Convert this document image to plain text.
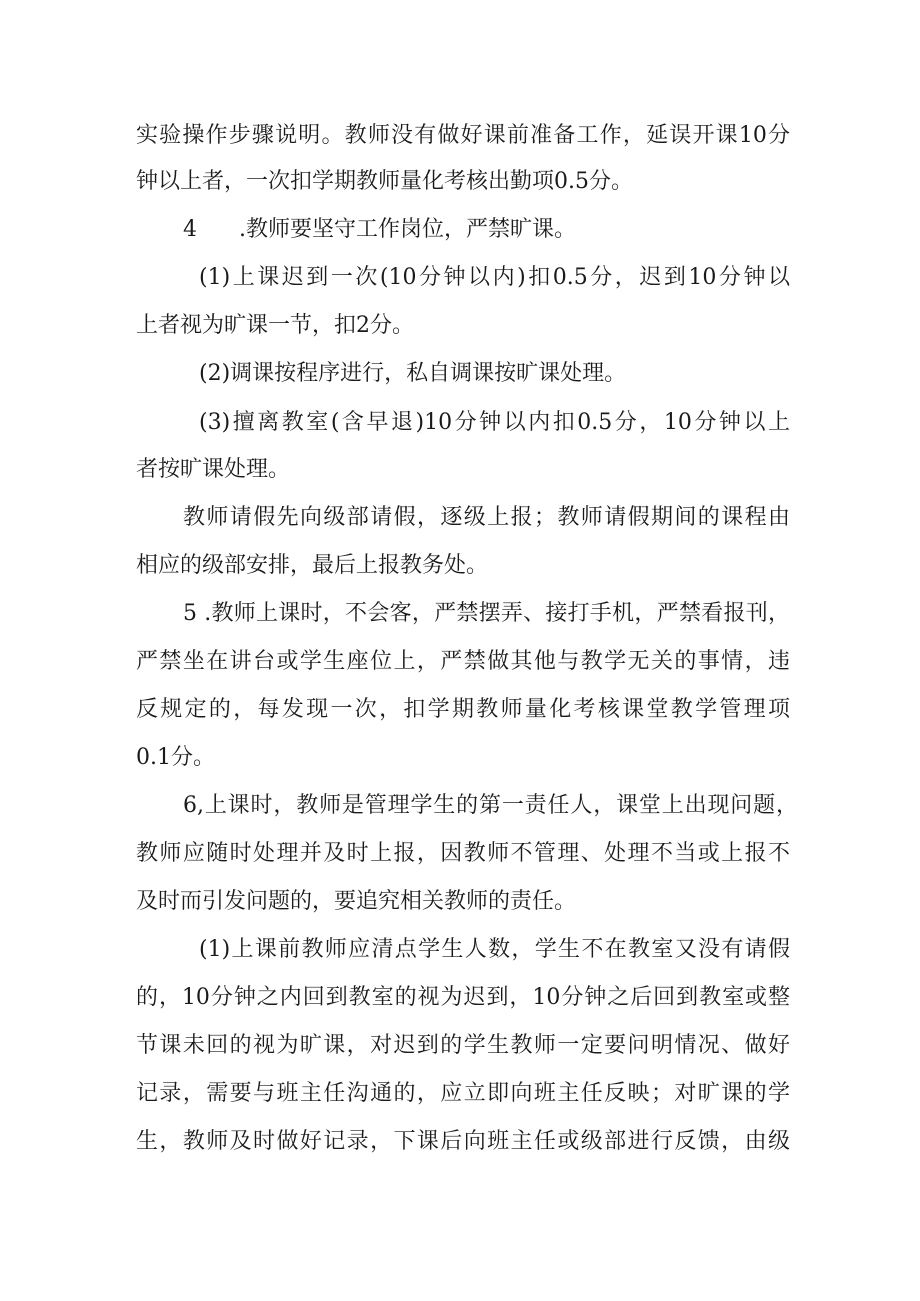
实验操作步骤说明。教师没有做好课前准备工作，延误开课10分
钟以上者，一次扣学期教师量化考核出勤项0.5分。
4      .教师要坚守工作岗位，严禁旷课。
(1)上课迟到一次(10分钟以内)扣0.5分，迟到10分钟以
上者视为旷课一节，扣2分。
(2)调课按程序进行，私自调课按旷课处理。
(3)擅离教室(含早退)10分钟以内扣0.5分，10分钟以上
者按旷课处理。
教师请假先向级部请假，逐级上报；教师请假期间的课程由
相应的级部安排，最后上报教务处。
5 .教师上课时，不会客，严禁摆弄、接打手机，严禁看报刊，
严禁坐在讲台或学生座位上，严禁做其他与教学无关的事情，违
反规定的，每发现一次，扣学期教师量化考核课堂教学管理项
0.1分。
6,上课时，教师是管理学生的第一责任人，课堂上出现问题，
教师应随时处理并及时上报，因教师不管理、处理不当或上报不
及时而引发问题的，要追究相关教师的责任。
(1)上课前教师应清点学生人数，学生不在教室又没有请假
的，10分钟之内回到教室的视为迟到，10分钟之后回到教室或整
节课未回的视为旷课，对迟到的学生教师一定要问明情况、做好
记录，需要与班主任沟通的，应立即向班主任反映；对旷课的学
生，教师及时做好记录，下课后向班主任或级部进行反馈，由级
